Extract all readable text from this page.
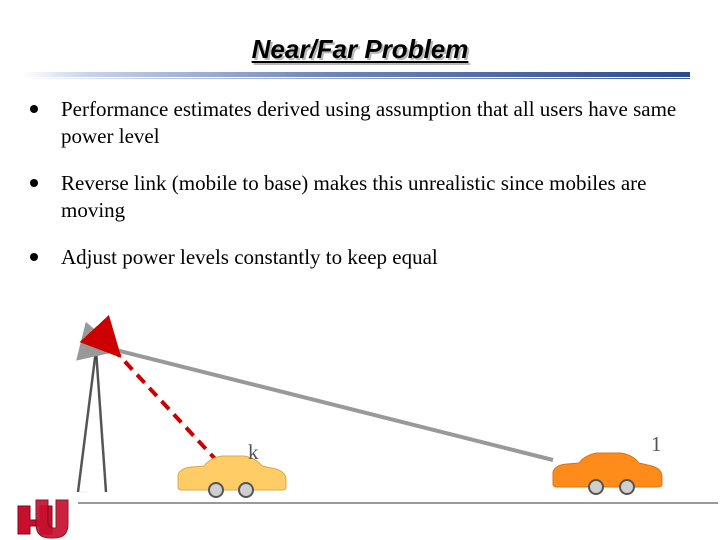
Near/Far Problem
Performance estimates derived using assumption that all users have same power level
Reverse link (mobile to base) makes this unrealistic since mobiles are moving
Adjust power levels constantly to keep equal
k	1
